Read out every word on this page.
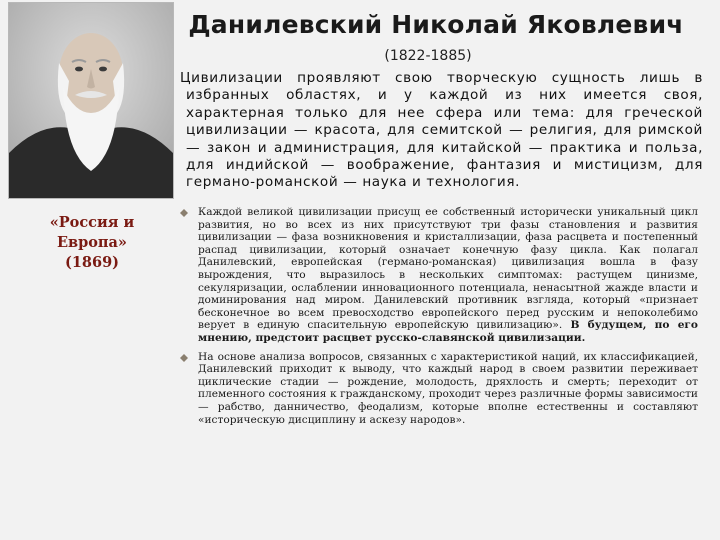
Данилевский Николай Яковлевич
(1822-1885)
Цивилизации проявляют свою творческую сущность лишь в избранных областях, и у каждой из них имеется своя, характерная только для нее сфера или тема: для греческой цивилизации — красота, для семитской — религия, для римской — закон и администрация, для китайской — практика и польза, для индийской — воображение, фантазия и мистицизм, для германо-романской — наука и технология.
«Россия и
Европа»
(1869)
Каждой великой цивилизации присущ ее собственный исторически уникальный цикл развития, но во всех из них присутствуют три фазы становления и развития цивилизации — фаза возникновения и кристаллизации, фаза расцвета и постепенный распад цивилизации, который означает конечную фазу цикла. Как полагал Данилевский, европейская (германо-романская) цивилизация вошла в фазу вырождения, что выразилось в нескольких симптомах: растущем цинизме, секуляризации, ослаблении инновационного потенциала, ненасытной жажде власти и доминирования над миром. Данилевский противник взгляда, который «признает бесконечное во всем превосходство европейского перед русским и непоколебимо верует в единую спасительную европейскую цивилизацию». В будущем, по его мнению, предстоит расцвет русско-славянской цивилизации.
На основе анализа вопросов, связанных с характеристикой наций, их классификацией, Данилевский приходит к выводу, что каждый народ в своем развитии переживает циклические стадии — рождение, молодость, дряхлость и смерть; переходит от племенного состояния к гражданскому, проходит через различные формы зависимости — рабство, данничество, феодализм, которые вполне естественны и составляют «историческую дисциплину и аскезу народов».
